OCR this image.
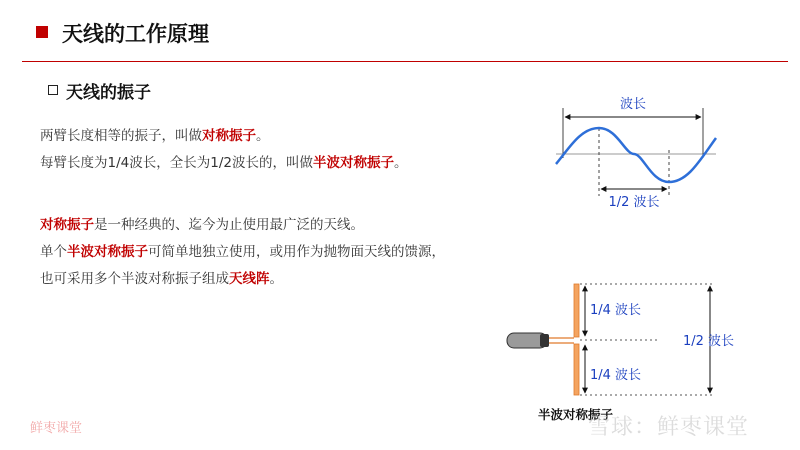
天线的工作原理
天线的振子
两臂长度相等的振子，叫做对称振子。
每臂长度为1/4波长，全长为1/2波长的，叫做半波对称振子。
对称振子是一种经典的、迄今为止使用最广泛的天线。
单个半波对称振子可简单地独立使用，或用作为抛物面天线的馈源，
也可采用多个半波对称振子组成天线阵。
波长
1/2 波长
1/4 波长
1/4 波长
1/2 波长
半波对称振子
鲜枣课堂	雪球：鲜枣课堂
